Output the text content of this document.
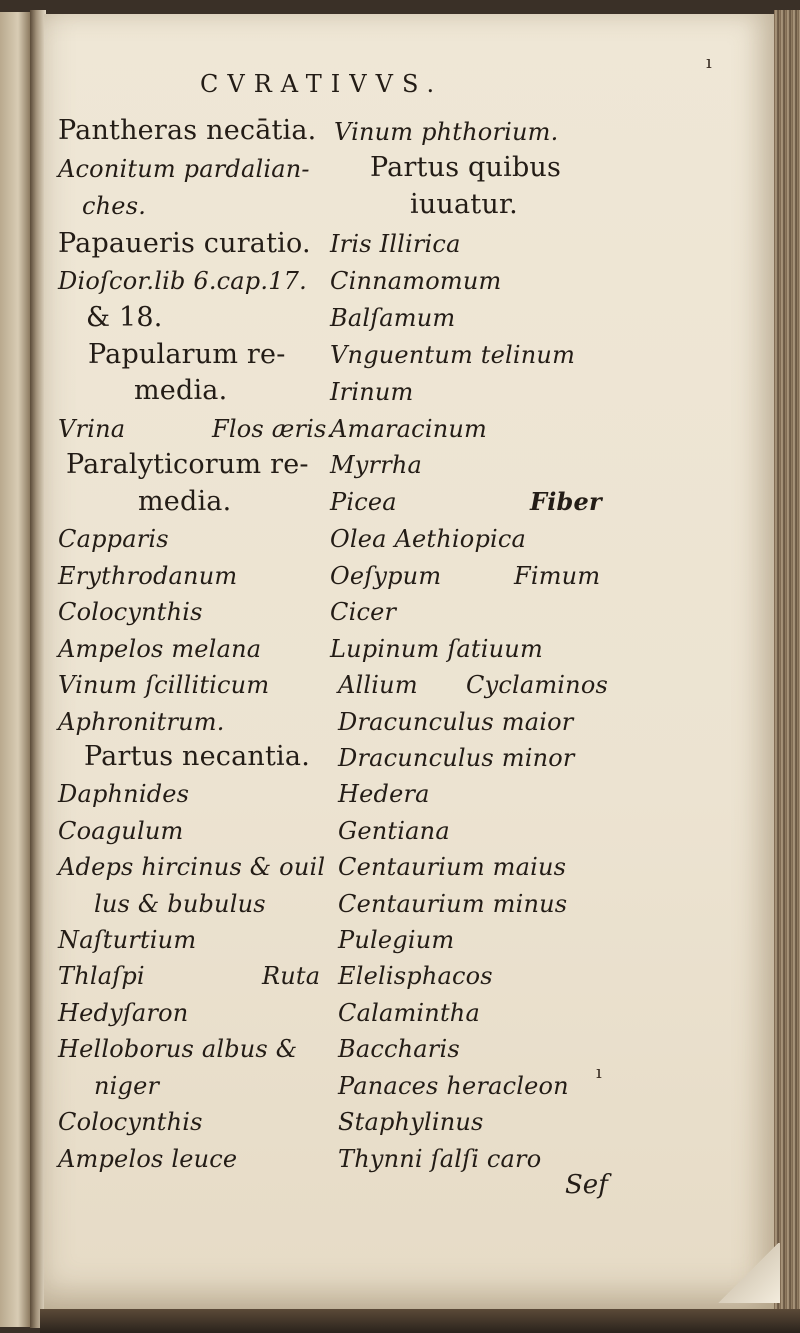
CVRATIVVS.
ı
ı
Pantheras necātia.
Aconitum pardalian-
ches.
Papaueris curatio.
Dioſcor.lib 6.cap.17.
& 18.
Papularum re-
media.
Vrina	Flos æris.
Paralyticorum re-
media.
Capparis
Erythrodanum
Colocynthis
Ampelos melana
Vinum ſcilliticum
Aphronitrum.
Partus necantia.
Daphnides
Coagulum
Adeps hircinus & ouil
lus & bubulus
Naſturtium
Thlaſpi	Ruta
Hedyſaron
Helloborus albus &
niger
Colocynthis
Ampelos leuce
Vinum phthorium.
Partus quibus
iuuatur.
Iris Illirica
Cinnamomum
Balſamum
Vnguentum telinum
Irinum
Amaracinum
Myrrha
Picea	Fiber
Olea Aethiopica
Oeſypum	Fimum
Cicer
Lupinum ſatiuum
Allium Cyclaminos
Dracunculus maior
Dracunculus minor
Hedera
Gentiana
Centaurium maius
Centaurium minus
Pulegium
Elelisphacos
Calamintha
Baccharis
Panaces heracleon
Staphylinus
Thynni ſalſi caro
Sef
